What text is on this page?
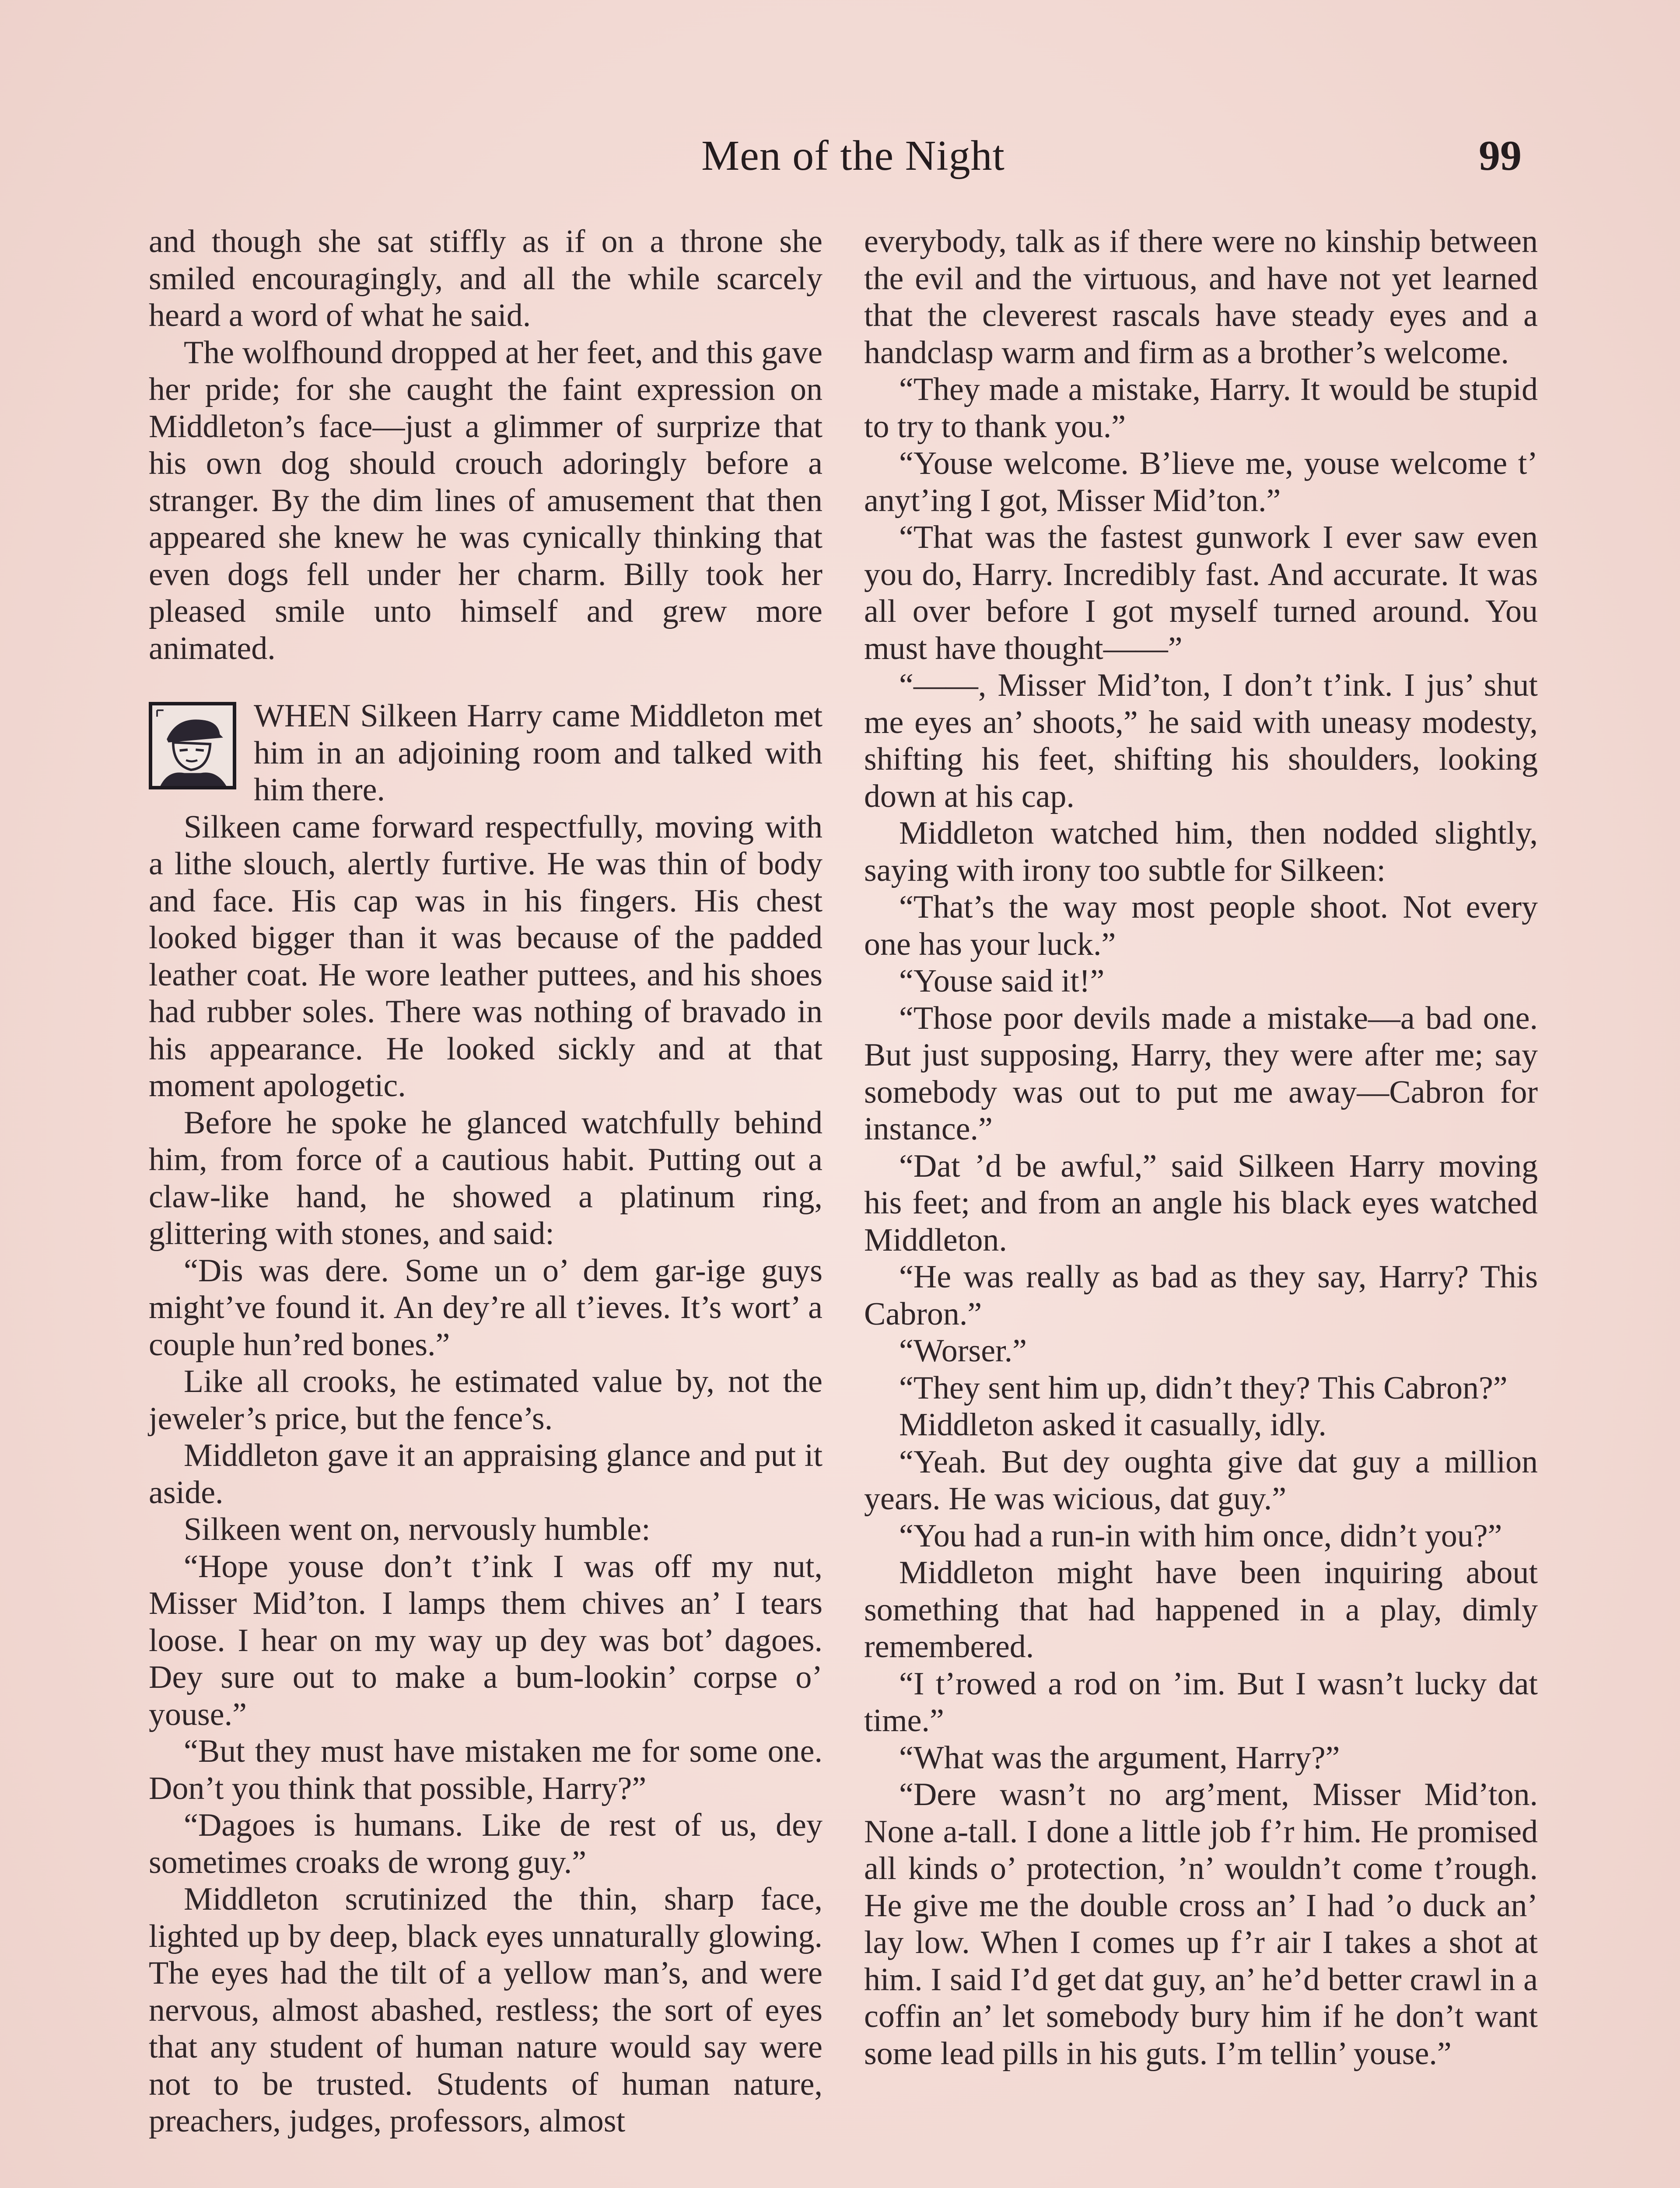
Men of the Night	99

and though she sat stiffly as if on a throne she smiled encouragingly, and all the while scarcely heard a word of what he said.

The wolfhound dropped at her feet, and this gave her pride; for she caught the faint expression on Middleton’s face—just a glimmer of surprize that his own dog should crouch adoringly before a stranger. By the dim lines of amusement that then appeared she knew he was cynically thinking that even dogs fell under her charm. Billy took her pleased smile unto himself and grew more animated.

WHEN Silkeen Harry came Middleton met him in an adjoining room and talked with him there.

Silkeen came forward respectfully, moving with a lithe slouch, alertly furtive. He was thin of body and face. His cap was in his fingers. His chest looked bigger than it was because of the padded leather coat. He wore leather puttees, and his shoes had rubber soles. There was nothing of bravado in his appearance. He looked sickly and at that moment apologetic.

Before he spoke he glanced watchfully behind him, from force of a cautious habit. Putting out a claw-like hand, he showed a platinum ring, glittering with stones, and said:

“Dis was dere. Some un o’ dem gar-ige guys might’ve found it. An dey’re all t’ieves. It’s wort’ a couple hun’red bones.”

Like all crooks, he estimated value by, not the jeweler’s price, but the fence’s.

Middleton gave it an appraising glance and put it aside.

Silkeen went on, nervously humble:

“Hope youse don’t t’ink I was off my nut, Misser Mid’ton. I lamps them chives an’ I tears loose. I hear on my way up dey was bot’ dagoes. Dey sure out to make a bum-lookin’ corpse o’ youse.”

“But they must have mistaken me for some one. Don’t you think that possible, Harry?”

“Dagoes is humans. Like de rest of us, dey sometimes croaks de wrong guy.”

Middleton scrutinized the thin, sharp face, lighted up by deep, black eyes unnaturally glowing. The eyes had the tilt of a yellow man’s, and were nervous, almost abashed, restless; the sort of eyes that any student of human nature would say were not to be trusted. Students of human nature, preachers, judges, professors, almost

everybody, talk as if there were no kinship between the evil and the virtuous, and have not yet learned that the cleverest rascals have steady eyes and a handclasp warm and firm as a brother’s welcome.

“They made a mistake, Harry. It would be stupid to try to thank you.”

“Youse welcome. B’lieve me, youse welcome t’ anyt’ing I got, Misser Mid’ton.”

“That was the fastest gunwork I ever saw even you do, Harry. Incredibly fast. And accurate. It was all over before I got myself turned around. You must have thought——”

“——, Misser Mid’ton, I don’t t’ink. I jus’ shut me eyes an’ shoots,” he said with uneasy modesty, shifting his feet, shifting his shoulders, looking down at his cap.

Middleton watched him, then nodded slightly, saying with irony too subtle for Silkeen:

“That’s the way most people shoot. Not every one has your luck.”

“Youse said it!”

“Those poor devils made a mistake—a bad one. But just supposing, Harry, they were after me; say somebody was out to put me away—Cabron for instance.”

“Dat ’d be awful,” said Silkeen Harry moving his feet; and from an angle his black eyes watched Middleton.

“He was really as bad as they say, Harry? This Cabron.”

“Worser.”

“They sent him up, didn’t they? This Cabron?”

Middleton asked it casually, idly.

“Yeah. But dey oughta give dat guy a million years. He was wicious, dat guy.”

“You had a run-in with him once, didn’t you?”

Middleton might have been inquiring about something that had happened in a play, dimly remembered.

“I t’rowed a rod on ’im. But I wasn’t lucky dat time.”

“What was the argument, Harry?”

“Dere wasn’t no arg’ment, Misser Mid’ton. None a-tall. I done a little job f’r him. He promised all kinds o’ protection, ’n’ wouldn’t come t’rough. He give me the double cross an’ I had ’o duck an’ lay low. When I comes up f’r air I takes a shot at him. I said I’d get dat guy, an’ he’d better crawl in a coffin an’ let somebody bury him if he don’t want some lead pills in his guts. I’m tellin’ youse.”
